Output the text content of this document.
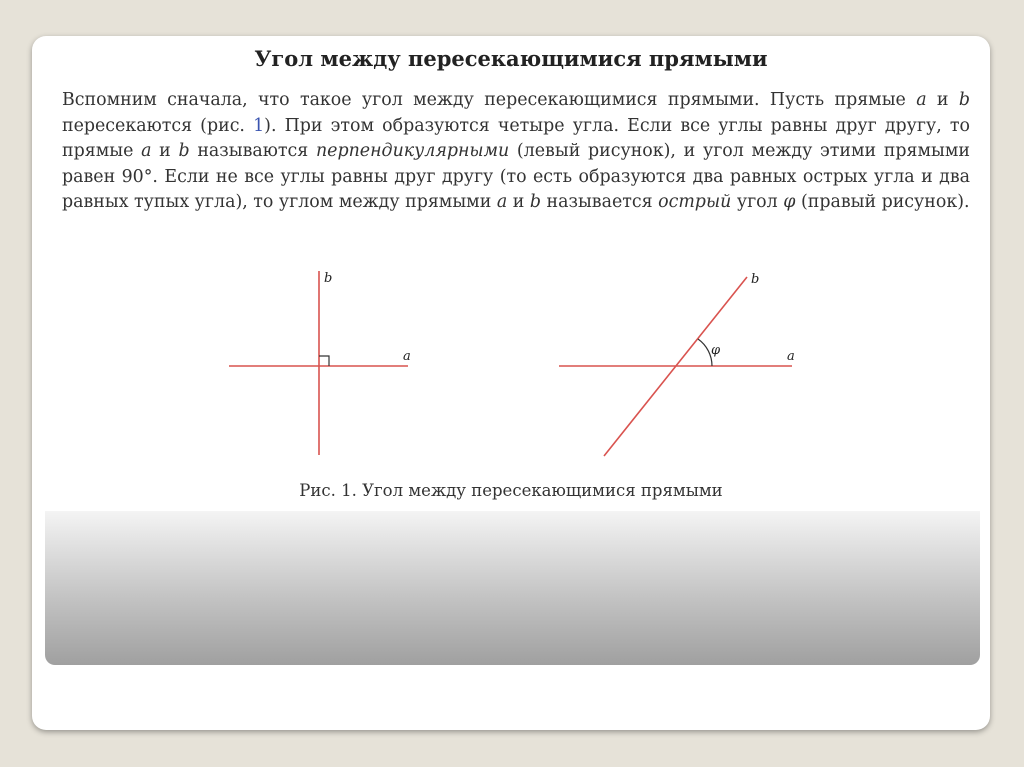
Угол между пересекающимися прямыми

Вспомним сначала, что такое угол между пересекающимися прямыми. Пусть прямые a и b пересекаются (рис. 1). При этом образуются четыре угла. Если все углы равны друг другу, то прямые a и b называются перпендикулярными (левый рисунок), и угол между этими прямыми равен 90°. Если не все углы равны друг другу (то есть образуются два равных острых угла и два равных тупых угла), то углом между прямыми a и b называется острый угол φ (правый рисунок).

b
a
b
a
φ

Рис. 1. Угол между пересекающимися прямыми
